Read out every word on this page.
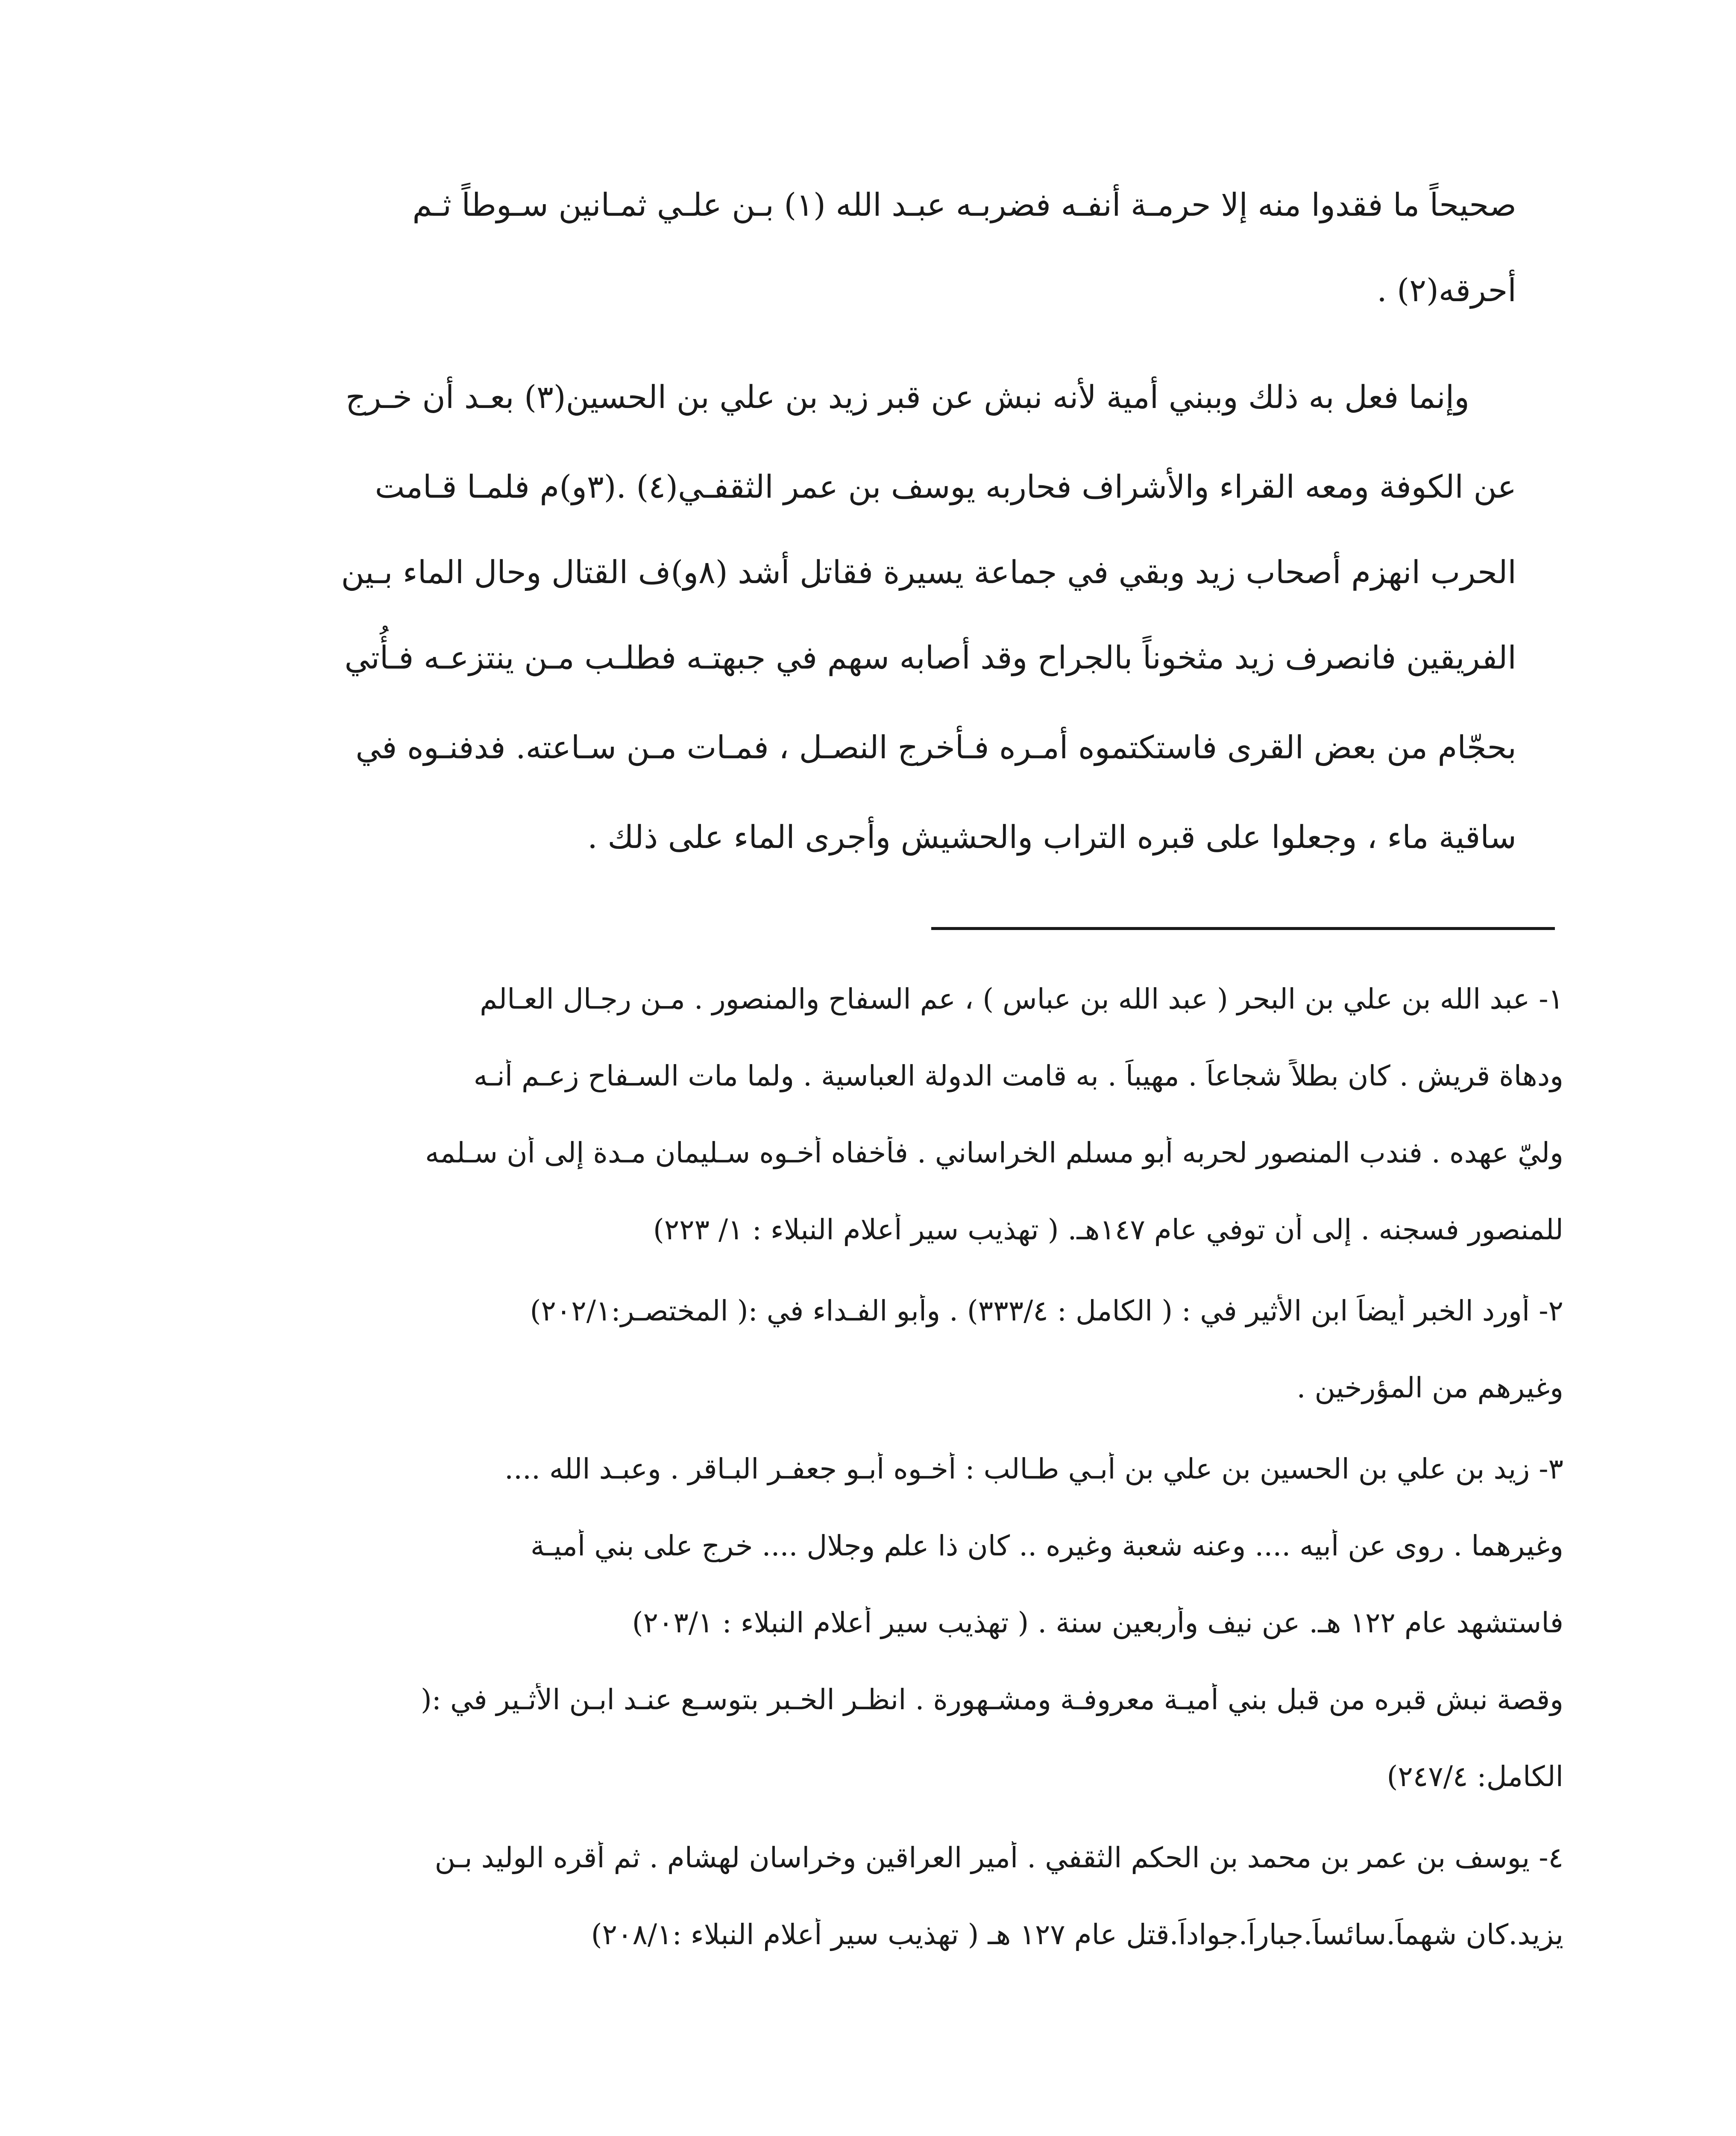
صحيحاً ما فقدوا منه إلا حرمـة أنفـه فضربـه عبـد الله (١) بـن علـي ثمـانين سـوطاً ثـم
أحرقه(٢) .
وإنما فعل به ذلك وببني أمية لأنه نبش عن قبر زيد بن علي بن الحسين(٣) بعـد أن خـرج
عن الكوفة ومعه القراء والأشراف فحاربه يوسف بن عمر الثقفـي(٤) .(٣و)م فلمـا قـامت
الحرب انهزم أصحاب زيد وبقي في جماعة يسيرة فقاتل أشد (٨و)ف القتال وحال الماء بـين
الفريقين فانصرف زيد مثخوناً بالجراح وقد أصابه سهم في جبهتـه فطلـب مـن ينتزعـه فـأُتي
بحجّام من بعض القرى فاستكتموه أمـره فـأخرج النصـل ، فمـات مـن سـاعته. فدفنـوه في
ساقية ماء ، وجعلوا على قبره التراب والحشيش وأجرى الماء على ذلك .
١- عبد الله بن علي بن البحر ( عبد الله بن عباس ) ، عم السفاح والمنصور . مـن رجـال العـالم
ودهاة قريش . كان بطلاً شجاعاً . مهيباً . به قامت الدولة العباسية . ولما مات السـفاح زعـم أنـه
وليّ عهده . فندب المنصور لحربه أبو مسلم الخراساني . فأخفاه أخـوه سـليمان مـدة إلى أن سـلمه
للمنصور فسجنه . إلى أن توفي عام ١٤٧هـ. ( تهذيب سير أعلام النبلاء : ١/ ٢٢٣)
٢- أورد الخبر أيضاً ابن الأثير في : ( الكامل : ٣٣٣/٤) . وأبو الفـداء في :( المختصـر:٢٠٢/١)
وغيرهم من المؤرخين .
٣- زيد بن علي بن الحسين بن علي بن أبـي طـالب : أخـوه أبـو جعفـر البـاقر . وعبـد الله ....
وغيرهما . روى عن أبيه .... وعنه شعبة وغيره .. كان ذا علم وجلال .... خرج على بني أميـة
فاستشهد عام ١٢٢ هـ. عن نيف وأربعين سنة . ( تهذيب سير أعلام النبلاء : ٢٠٣/١)
وقصة نبش قبره من قبل بني أميـة معروفـة ومشـهورة . انظـر الخـبر بتوسـع عنـد ابـن الأثـير في :(
الكامل: ٢٤٧/٤)
٤- يوسف بن عمر بن محمد بن الحكم الثقفي . أمير العراقين وخراسان لهشام . ثم أقره الوليد بـن
يزيد.كان شهماً.سائساً.جباراً.جواداً.قتل عام ١٢٧ هـ ( تهذيب سير أعلام النبلاء :٢٠٨/١)
